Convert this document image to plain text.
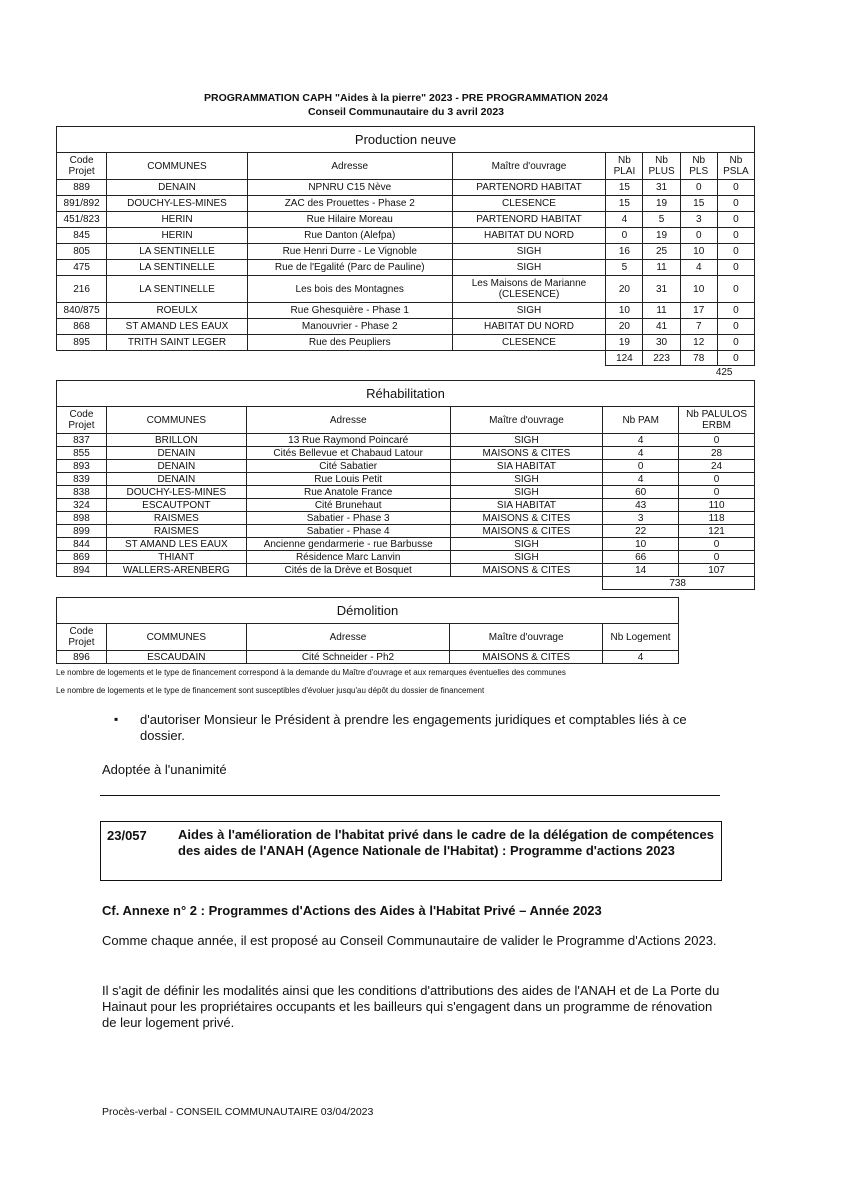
PROGRAMMATION CAPH "Aides à la pierre" 2023 - PRE PROGRAMMATION 2024
Conseil Communautaire du 3 avril 2023
Production neuve
Code Projet	COMMUNES	Adresse	Maître d'ouvrage	Nb PLAI	Nb PLUS	Nb PLS	Nb PSLA
889	DENAIN	NPNRU C15 Nève	PARTENORD HABITAT	15	31	0	0
891/892	DOUCHY-LES-MINES	ZAC des Prouettes - Phase 2	CLESENCE	15	19	15	0
451/823	HERIN	Rue Hilaire Moreau	PARTENORD HABITAT	4	5	3	0
845	HERIN	Rue Danton (Alefpa)	HABITAT DU NORD	0	19	0	0
805	LA SENTINELLE	Rue Henri Durre - Le Vignoble	SIGH	16	25	10	0
475	LA SENTINELLE	Rue de l'Egalité (Parc de Pauline)	SIGH	5	11	4	0
216	LA SENTINELLE	Les bois des Montagnes	Les Maisons de Marianne (CLESENCE)	20	31	10	0
840/875	ROEULX	Rue Ghesquière - Phase 1	SIGH	10	11	17	0
868	ST AMAND LES EAUX	Manouvrier - Phase 2	HABITAT DU NORD	20	41	7	0
895	TRITH SAINT LEGER	Rue des Peupliers	CLESENCE	19	30	12	0
				124	223	78	0
				425			
Réhabilitation
Code Projet	COMMUNES	Adresse	Maître d'ouvrage	Nb PAM	Nb PALULOS ERBM
837	BRILLON	13 Rue Raymond Poincaré	SIGH	4	0
855	DENAIN	Cités Bellevue et Chabaud Latour	MAISONS & CITES	4	28
893	DENAIN	Cité Sabatier	SIA HABITAT	0	24
839	DENAIN	Rue Louis Petit	SIGH	4	0
838	DOUCHY-LES-MINES	Rue Anatole France	SIGH	60	0
324	ESCAUTPONT	Cité Brunehaut	SIA HABITAT	43	110
898	RAISMES	Sabatier - Phase 3	MAISONS & CITES	3	118
899	RAISMES	Sabatier - Phase 4	MAISONS & CITES	22	121
844	ST AMAND LES EAUX	Ancienne gendarmerie - rue Barbusse	SIGH	10	0
869	THIANT	Résidence Marc Lanvin	SIGH	66	0
894	WALLERS-ARENBERG	Cités de la Drève et Bosquet	MAISONS & CITES	14	107
				738	
Démolition
Code Projet	COMMUNES	Adresse	Maître d'ouvrage	Nb Logement
896	ESCAUDAIN	Cité Schneider - Ph2	MAISONS & CITES	4
Le nombre de logements et le type de financement correspond à la demande du Maître d'ouvrage et aux remarques éventuelles des communes
Le nombre de logements et le type de financement sont susceptibles d'évoluer jusqu'au dépôt du dossier de financement
▪ d'autoriser Monsieur le Président à prendre les engagements juridiques et comptables liés à ce dossier.
Adoptée à l'unanimité
23/057 Aides à l'amélioration de l'habitat privé dans le cadre de la délégation de compétences des aides de l'ANAH (Agence Nationale de l'Habitat) : Programme d'actions 2023
Cf. Annexe n° 2 : Programmes d'Actions des Aides à l'Habitat Privé – Année 2023
Comme chaque année, il est proposé au Conseil Communautaire de valider le Programme d'Actions 2023.
Il s'agit de définir les modalités ainsi que les conditions d'attributions des aides de l'ANAH et de La Porte du Hainaut pour les propriétaires occupants et les bailleurs qui s'engagent dans un programme de rénovation de leur logement privé.
Procès-verbal - CONSEIL COMMUNAUTAIRE 03/04/2023
